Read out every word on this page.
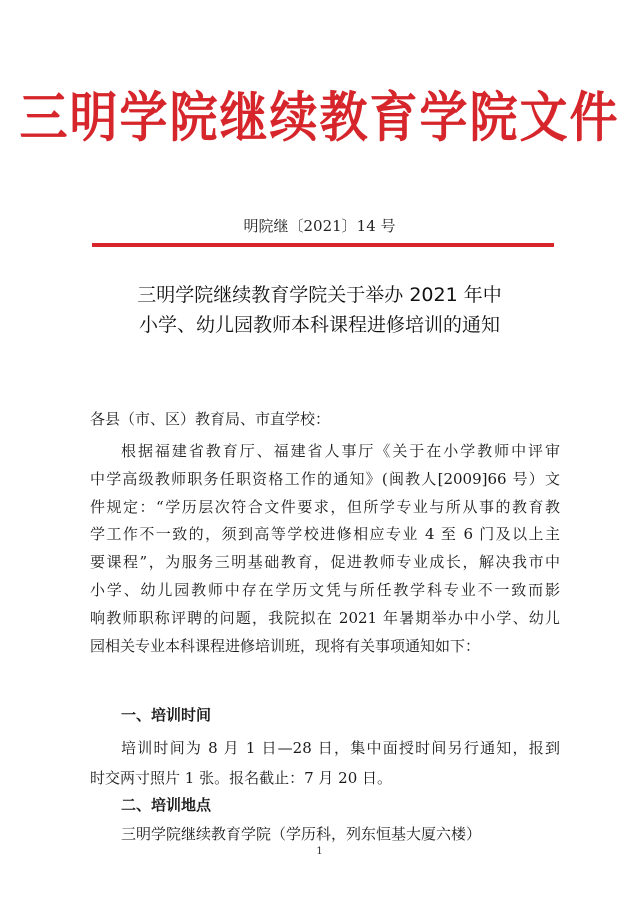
三明学院继续教育学院文件
明院继〔2021〕14 号
三明学院继续教育学院关于举办 2021 年中
小学、幼儿园教师本科课程进修培训的通知
各县（市、区）教育局、市直学校：
根据福建省教育厅、福建省人事厅《关于在小学教师中评审
中学高级教师职务任职资格工作的通知》(闽教人[2009]66 号）文
件规定：“学历层次符合文件要求，但所学专业与所从事的教育教
学工作不一致的，须到高等学校进修相应专业 4 至 6 门及以上主
要课程”，为服务三明基础教育，促进教师专业成长，解决我市中
小学、幼儿园教师中存在学历文凭与所任教学科专业不一致而影
响教师职称评聘的问题，我院拟在 2021 年暑期举办中小学、幼儿
园相关专业本科课程进修培训班，现将有关事项通知如下：
一、培训时间
培训时间为 8 月 1 日—28 日，集中面授时间另行通知，报到
时交两寸照片 1 张。报名截止：7 月 20 日。
二、培训地点
三明学院继续教育学院（学历科，列东恒基大厦六楼）
1
